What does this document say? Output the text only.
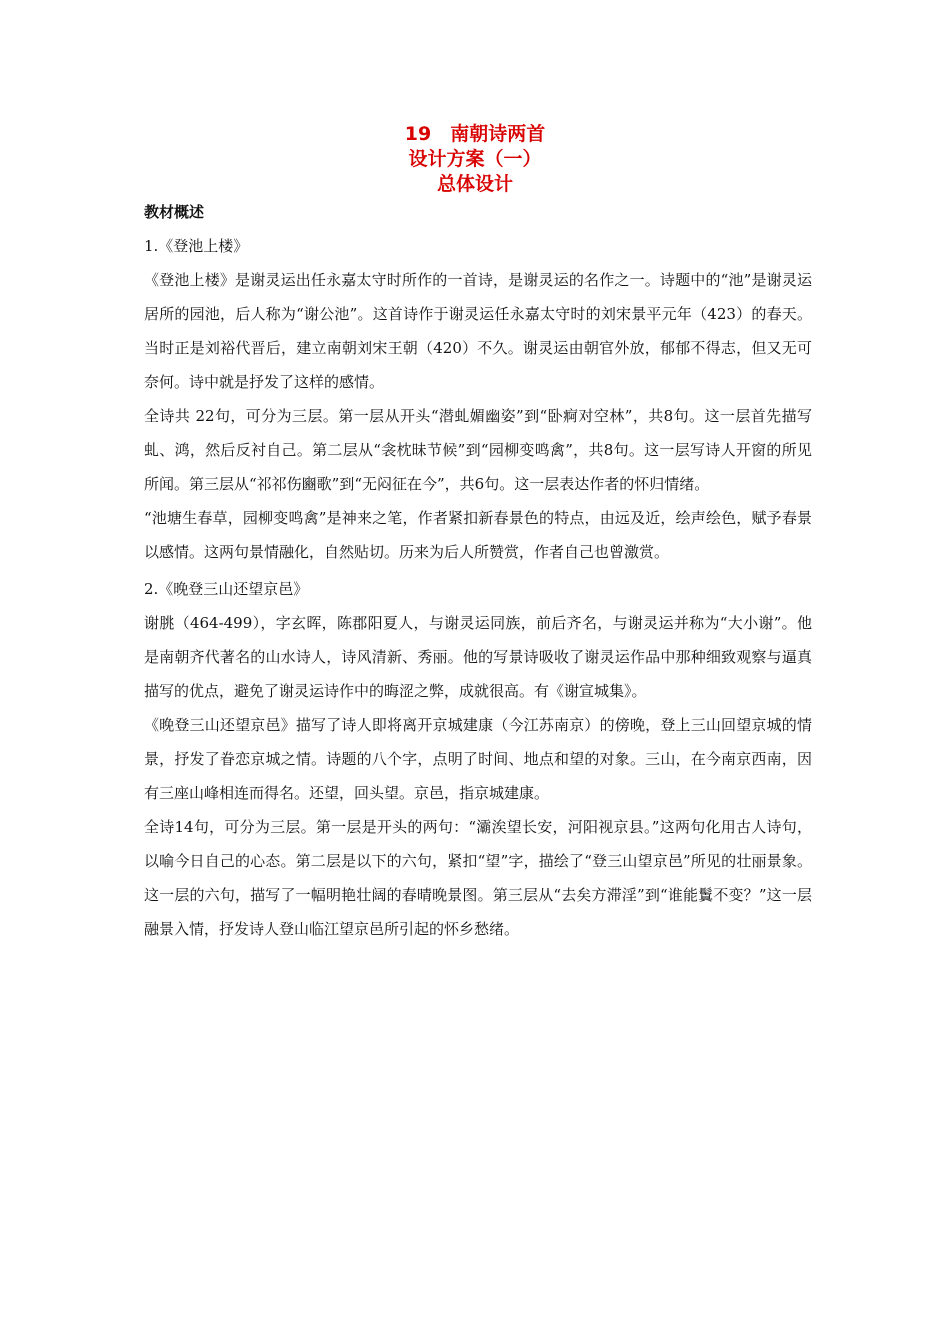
19　南朝诗两首
设计方案（一）
总体设计
教材概述
1.《登池上楼》
《登池上楼》是谢灵运出任永嘉太守时所作的一首诗，是谢灵运的名作之一。诗题中的“池”是谢灵运居所的园池，后人称为“谢公池”。这首诗作于谢灵运任永嘉太守时的刘宋景平元年（423）的春天。当时正是刘裕代晋后，建立南朝刘宋王朝（420）不久。谢灵运由朝官外放，郁郁不得志，但又无可奈何。诗中就是抒发了这样的感情。
全诗共 22句，可分为三层。第一层从开头“潜虬媚幽姿”到“卧痾对空林”，共8句。这一层首先描写虬、鸿，然后反衬自己。第二层从“衾枕昧节候”到“园柳变鸣禽”，共8句。这一层写诗人开窗的所见所闻。第三层从“祁祁伤豳歌”到“无闷征在今”，共6句。这一层表达作者的怀归情绪。
“池塘生春草，园柳变鸣禽”是神来之笔，作者紧扣新春景色的特点，由远及近，绘声绘色，赋予春景以感情。这两句景情融化，自然贴切。历来为后人所赞赏，作者自己也曾激赏。
2.《晚登三山还望京邑》
谢朓（464-499），字玄晖，陈郡阳夏人，与谢灵运同族，前后齐名，与谢灵运并称为“大小谢”。他是南朝齐代著名的山水诗人，诗风清新、秀丽。他的写景诗吸收了谢灵运作品中那种细致观察与逼真描写的优点，避免了谢灵运诗作中的晦涩之弊，成就很高。有《谢宣城集》。
《晚登三山还望京邑》描写了诗人即将离开京城建康（今江苏南京）的傍晚，登上三山回望京城的情景，抒发了眷恋京城之情。诗题的八个字，点明了时间、地点和望的对象。三山，在今南京西南，因有三座山峰相连而得名。还望，回头望。京邑，指京城建康。
全诗14句，可分为三层。第一层是开头的两句：“灞涘望长安，河阳视京县。”这两句化用古人诗句，以喻今日自己的心态。第二层是以下的六句，紧扣“望”字，描绘了“登三山望京邑”所见的壮丽景象。这一层的六句，描写了一幅明艳壮阔的春晴晚景图。第三层从“去矣方滞淫”到“谁能鬒不变？”这一层融景入情，抒发诗人登山临江望京邑所引起的怀乡愁绪。
